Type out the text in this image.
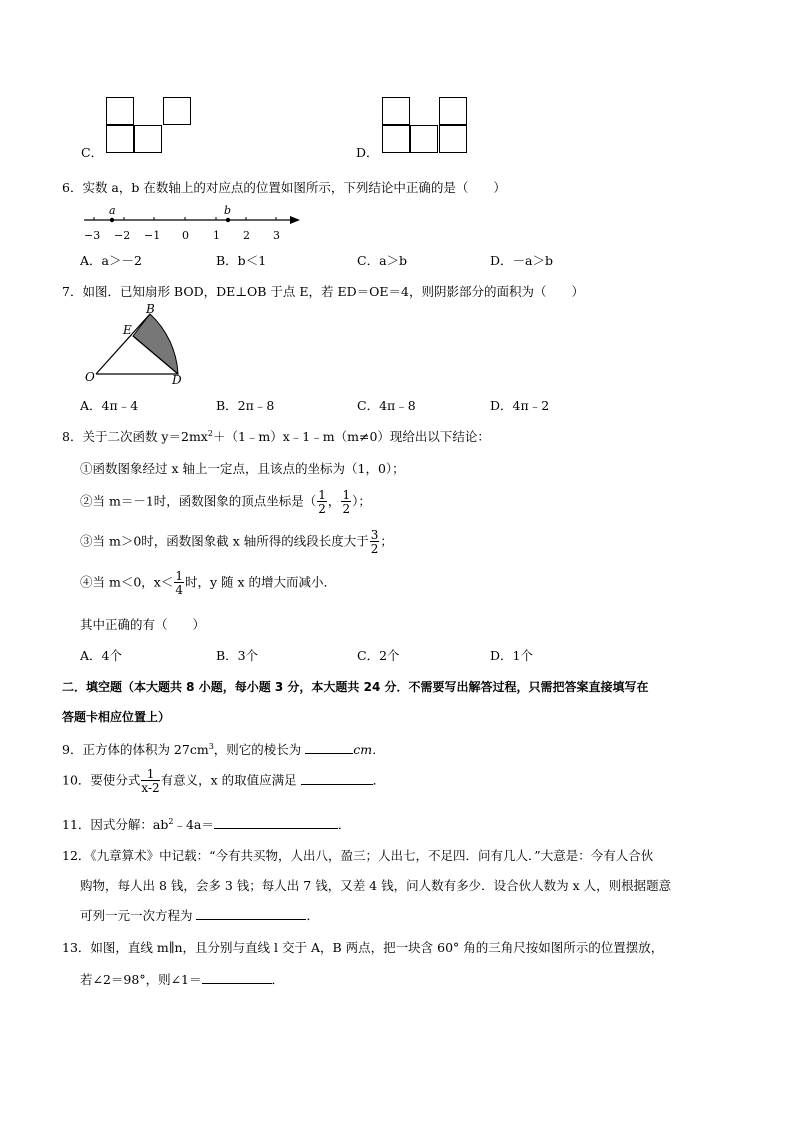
C．	D．
6．实数 a，b 在数轴上的对应点的位置如图所示，下列结论中正确的是（　　）
a	b
−3 −2 −1 0 1 2 3
A．a＞－2	B．b＜1	C．a＞b	D．－a＞b
7．如图．已知扇形 BOD，DE⊥OB 于点 E，若 ED＝OE＝4，则阴影部分的面积为（　　）
B
E
O	D
A．4π﹣4	B．2π﹣8	C．4π﹣8	D．4π﹣2
8．关于二次函数 $y=2mx^2+(1﹣m)x﹣1﹣m(m\ne 0)$现给出以下结论：
①函数图象经过 x 轴上一定点，且该点的坐标为（1，0）；
②当 m＝－1时，函数图象的顶点坐标是（ $\frac{1}{2}$ ， $\frac{1}{2}$ ）；
③当 m＞0时，函数图象截 x 轴所得的线段长度大于 $\frac{3}{2}$ ；
④当 m＜0，$x< \frac{1}{4}$ 时，y 随 x 的增大而减小．
其中正确的有（　　）
A．4个	B．3个	C．2个	D．1个
二．填空题（本大题共 8 小题，每小题 3 分，本大题共 24 分．不需要写出解答过程，只需把答案直接填写在
答题卡相应位置上）
9．正方体的体积为 $27cm^3$，则它的棱长为	cm．
10．要使分式 $\frac{1}{x-2}$ 有意义，x 的取值应满足	．
11．因式分解：$ab^2﹣4a=$	．
12．《九章算术》中记载：“今有共买物，人出八，盈三；人出七，不足四．问有几人．”大意是：今有人合伙
购物，每人出 8 钱，会多 3 钱；每人出 7 钱，又差 4 钱，问人数有多少．设合伙人数为 x 人，则根据题意
可列一元一次方程为	．
13．如图，直线 m∥n，且分别与直线 l 交于 A，B 两点，把一块含 60° 角的三角尺按如图所示的位置摆放，
若∠2＝98°，则∠1＝	．
